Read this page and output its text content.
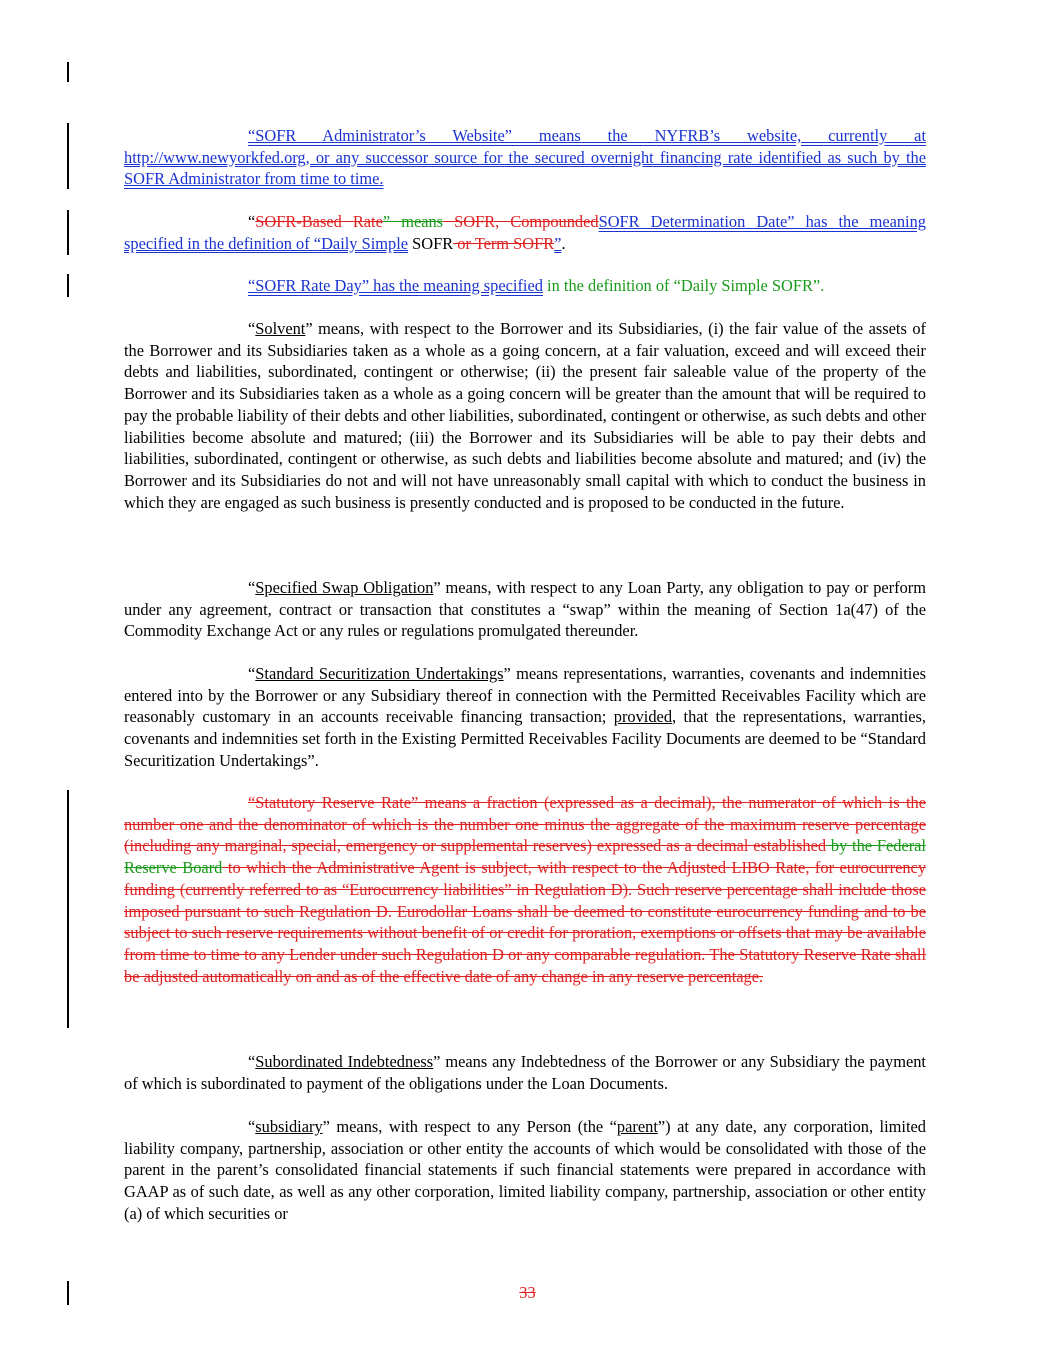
“SOFR Administrator’s Website” means the NYFRB’s website, currently at http://www.newyorkfed.org, or any successor source for the secured overnight financing rate identified as such by the SOFR Administrator from time to time.
“SOFR-Based Rate” means SOFR, CompoundedSOFR Determination Date” has the meaning specified in the definition of “Daily Simple SOFR or Term SOFR”.
“SOFR Rate Day” has the meaning specified in the definition of “Daily Simple SOFR”.
“Solvent” means, with respect to the Borrower and its Subsidiaries, (i) the fair value of the assets of the Borrower and its Subsidiaries taken as a whole as a going concern, at a fair valuation, exceed and will exceed their debts and liabilities, subordinated, contingent or otherwise; (ii) the present fair saleable value of the property of the Borrower and its Subsidiaries taken as a whole as a going concern will be greater than the amount that will be required to pay the probable liability of their debts and other liabilities, subordinated, contingent or otherwise, as such debts and other liabilities become absolute and matured; (iii) the Borrower and its Subsidiaries will be able to pay their debts and liabilities, subordinated, contingent or otherwise, as such debts and liabilities become absolute and matured; and (iv) the Borrower and its Subsidiaries do not and will not have unreasonably small capital with which to conduct the business in which they are engaged as such business is presently conducted and is proposed to be conducted in the future.
“Specified Swap Obligation” means, with respect to any Loan Party, any obligation to pay or perform under any agreement, contract or transaction that constitutes a “swap” within the meaning of Section 1a(47) of the Commodity Exchange Act or any rules or regulations promulgated thereunder.
“Standard Securitization Undertakings” means representations, warranties, covenants and indemnities entered into by the Borrower or any Subsidiary thereof in connection with the Permitted Receivables Facility which are reasonably customary in an accounts receivable financing transaction; provided, that the representations, warranties, covenants and indemnities set forth in the Existing Permitted Receivables Facility Documents are deemed to be “Standard Securitization Undertakings”.
“Statutory Reserve Rate” means a fraction (expressed as a decimal), the numerator of which is the number one and the denominator of which is the number one minus the aggregate of the maximum reserve percentage (including any marginal, special, emergency or supplemental reserves) expressed as a decimal established by the Federal Reserve Board to which the Administrative Agent is subject, with respect to the Adjusted LIBO Rate, for eurocurrency funding (currently referred to as “Eurocurrency liabilities” in Regulation D). Such reserve percentage shall include those imposed pursuant to such Regulation D. Eurodollar Loans shall be deemed to constitute eurocurrency funding and to be subject to such reserve requirements without benefit of or credit for proration, exemptions or offsets that may be available from time to time to any Lender under such Regulation D or any comparable regulation. The Statutory Reserve Rate shall be adjusted automatically on and as of the effective date of any change in any reserve percentage.
“Subordinated Indebtedness” means any Indebtedness of the Borrower or any Subsidiary the payment of which is subordinated to payment of the obligations under the Loan Documents.
“subsidiary” means, with respect to any Person (the “parent”) at any date, any corporation, limited liability company, partnership, association or other entity the accounts of which would be consolidated with those of the parent in the parent’s consolidated financial statements if such financial statements were prepared in accordance with GAAP as of such date, as well as any other corporation, limited liability company, partnership, association or other entity (a) of which securities or
33
